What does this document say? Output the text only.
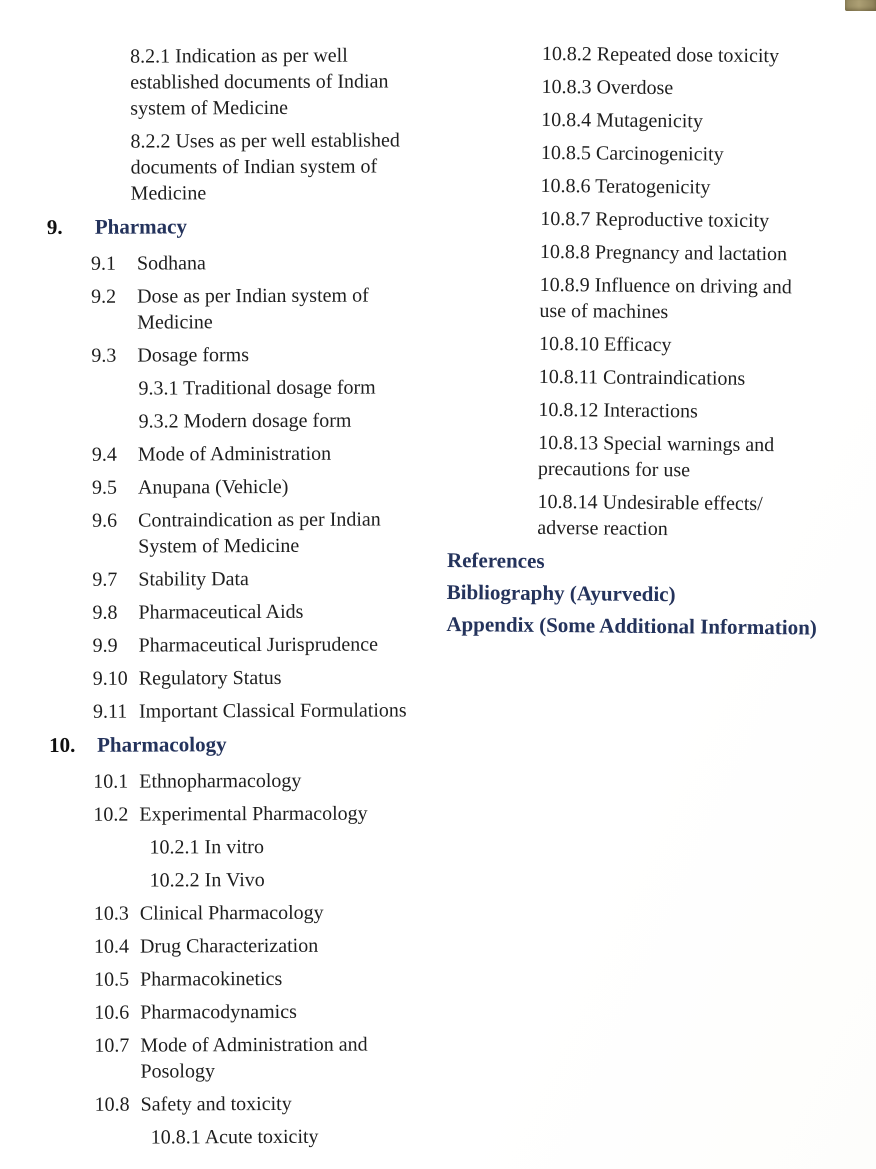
8.2.1 Indication as per well
established documents of Indian
system of Medicine
8.2.2 Uses as per well established
documents of Indian system of
Medicine
9.	Pharmacy
9.1	Sodhana
9.2	Dose as per Indian system of
Medicine
9.3	Dosage forms
9.3.1 Traditional dosage form
9.3.2 Modern dosage form
9.4	Mode of Administration
9.5	Anupana (Vehicle)
9.6	Contraindication as per Indian
System of Medicine
9.7	Stability Data
9.8	Pharmaceutical Aids
9.9	Pharmaceutical Jurisprudence
9.10 Regulatory Status
9.11 Important Classical Formulations
10.	Pharmacology
10.1 Ethnopharmacology
10.2 Experimental Pharmacology
10.2.1 In vitro
10.2.2 In Vivo
10.3 Clinical Pharmacology
10.4 Drug Characterization
10.5 Pharmacokinetics
10.6 Pharmacodynamics
10.7 Mode of Administration and
Posology
10.8 Safety and toxicity
10.8.1 Acute toxicity
10.8.2 Repeated dose toxicity
10.8.3 Overdose
10.8.4 Mutagenicity
10.8.5 Carcinogenicity
10.8.6 Teratogenicity
10.8.7 Reproductive toxicity
10.8.8 Pregnancy and lactation
10.8.9 Influence on driving and
use of machines
10.8.10 Efficacy
10.8.11 Contraindications
10.8.12 Interactions
10.8.13 Special warnings and
precautions for use
10.8.14 Undesirable effects/
adverse reaction
References
Bibliography (Ayurvedic)
Appendix (Some Additional Information)
